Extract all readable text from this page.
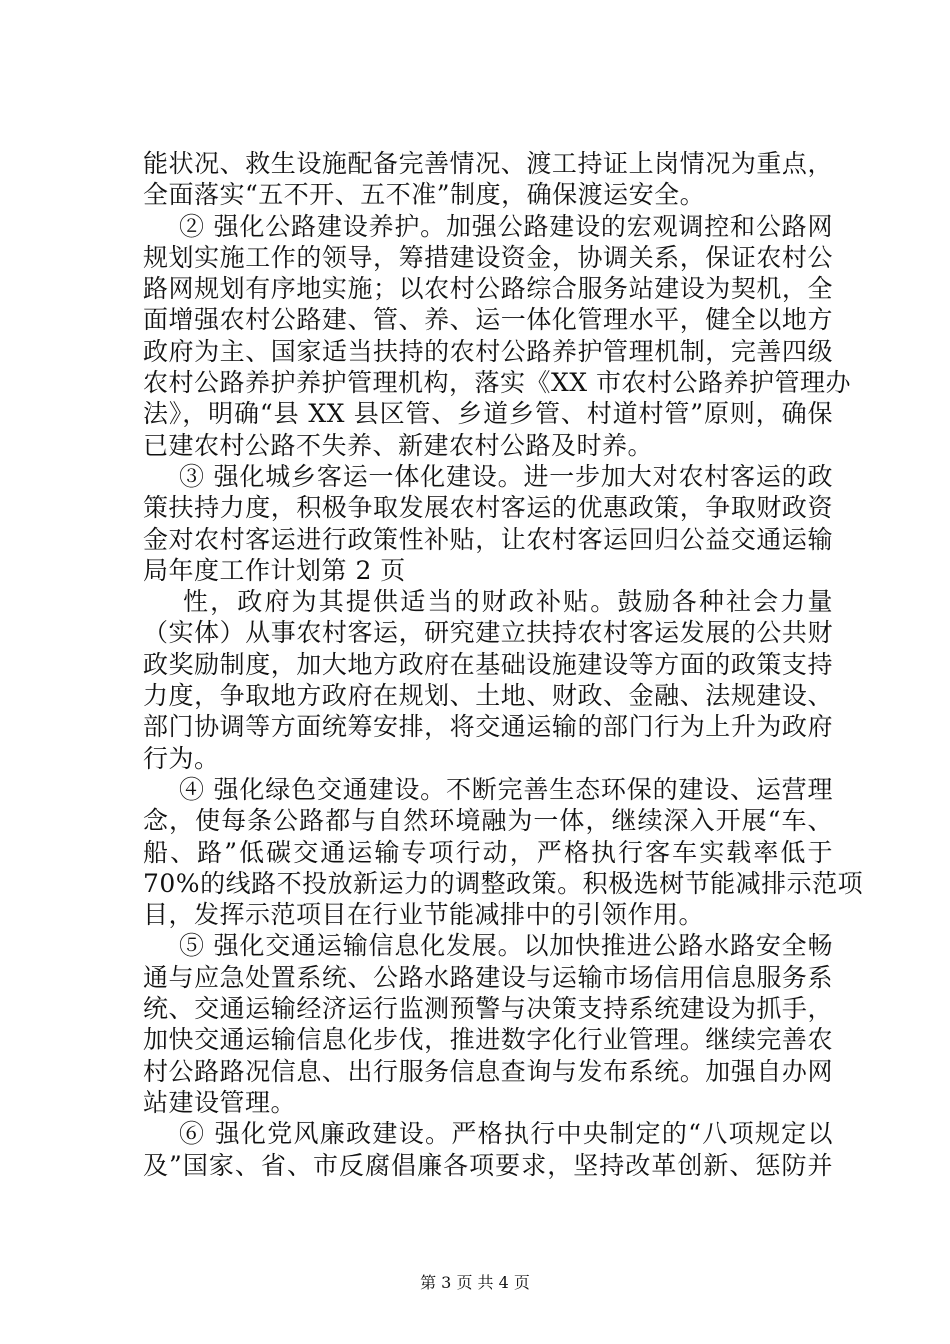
能状况、救生设施配备完善情况、渡工持证上岗情况为重点，
全面落实“五不开、五不准”制度，确保渡运安全。
② 强化公路建设养护。加强公路建设的宏观调控和公路网
规划实施工作的领导，筹措建设资金，协调关系，保证农村公
路网规划有序地实施；以农村公路综合服务站建设为契机，全
面增强农村公路建、管、养、运一体化管理水平，健全以地方
政府为主、国家适当扶持的农村公路养护管理机制，完善四级
农村公路养护养护管理机构，落实《XX 市农村公路养护管理办
法》，明确“县 XX 县区管、乡道乡管、村道村管”原则，确保
已建农村公路不失养、新建农村公路及时养。
③ 强化城乡客运一体化建设。进一步加大对农村客运的政
策扶持力度，积极争取发展农村客运的优惠政策，争取财政资
金对农村客运进行政策性补贴，让农村客运回归公益交通运输
局年度工作计划第 2 页
性，政府为其提供适当的财政补贴。鼓励各种社会力量
（实体）从事农村客运，研究建立扶持农村客运发展的公共财
政奖励制度，加大地方政府在基础设施建设等方面的政策支持
力度，争取地方政府在规划、土地、财政、金融、法规建设、
部门协调等方面统筹安排，将交通运输的部门行为上升为政府
行为。
④ 强化绿色交通建设。不断完善生态环保的建设、运营理
念，使每条公路都与自然环境融为一体，继续深入开展“车、
船、路”低碳交通运输专项行动，严格执行客车实载率低于
70%的线路不投放新运力的调整政策。积极选树节能减排示范项
目，发挥示范项目在行业节能减排中的引领作用。
⑤ 强化交通运输信息化发展。以加快推进公路水路安全畅
通与应急处置系统、公路水路建设与运输市场信用信息服务系
统、交通运输经济运行监测预警与决策支持系统建设为抓手，
加快交通运输信息化步伐，推进数字化行业管理。继续完善农
村公路路况信息、出行服务信息查询与发布系统。加强自办网
站建设管理。
⑥ 强化党风廉政建设。严格执行中央制定的“八项规定以
及”国家、省、市反腐倡廉各项要求，坚持改革创新、惩防并
第 3 页 共 4 页
